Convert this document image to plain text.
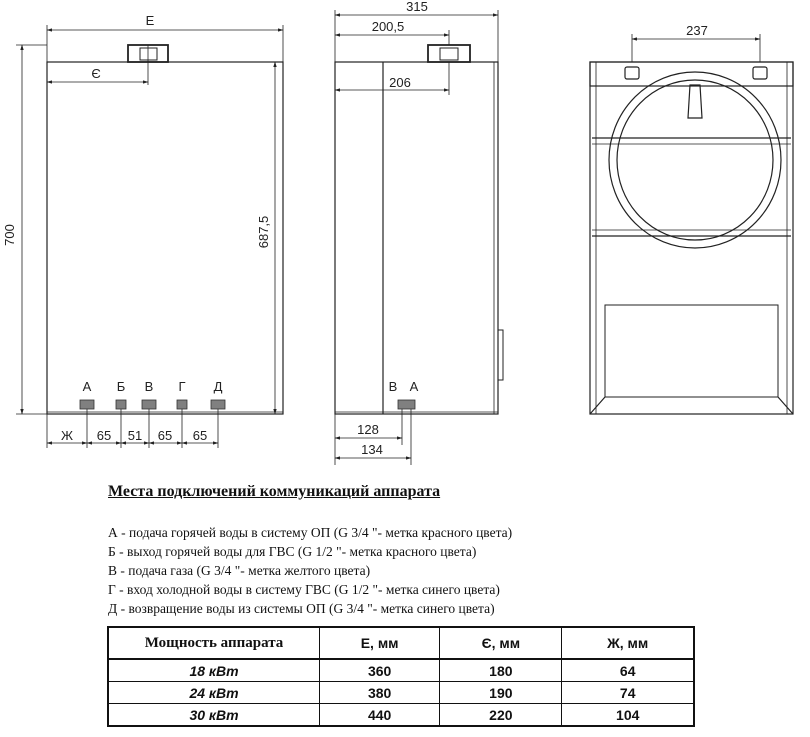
А Б В Г Д
E
Є
700	687,5
Ж 65 51 65 65
В А
315
200,5
206
128
134
237
Места подключений коммуникаций аппарата
А - подача горячей воды в систему ОП (G 3/4 "- метка красного цвета)
Б - выход горячей воды для ГВС (G 1/2 "- метка красного цвета)
В - подача газа (G 3/4 "- метка желтого цвета)
Г - вход холодной воды в систему ГВС (G 1/2 "- метка синего цвета)
Д - возвращение воды из системы ОП (G 3/4 "- метка синего цвета)
Мощность аппарата	Е, мм	Є, мм	Ж, мм
18 кВт	360	180	64
24 кВт	380	190	74
30 кВт	440	220	104
